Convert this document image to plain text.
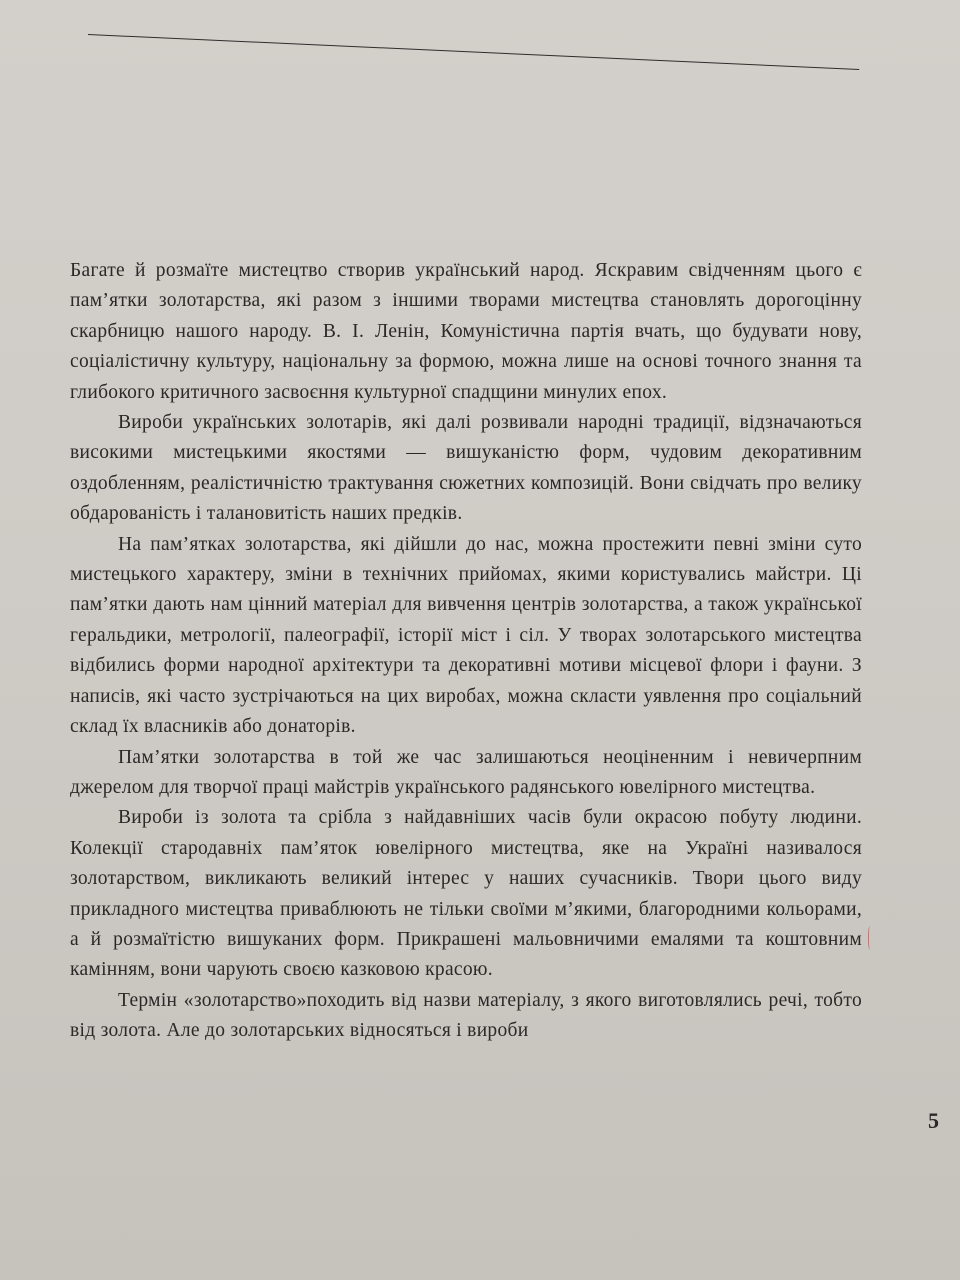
Багате й розмаїте мистецтво створив український народ. Яскравим свідченням цього є пам’ятки золотарства, які разом з іншими творами мистецтва становлять дорогоцінну скарбницю нашого народу. В. І. Ленін, Комуністична партія вчать, що будувати нову, соціалістичну культуру, національну за формою, можна лише на основі точного знання та глибокого критичного засвоєння культурної спадщини минулих епох.

Вироби українських золотарів, які далі розвивали народні традиції, відзначаються високими мистецькими якостями — вишуканістю форм, чудовим декоративним оздобленням, реалістичністю трактування сюжетних композицій. Вони свідчать про велику обдарованість і талановитість наших предків.

На пам’ятках золотарства, які дійшли до нас, можна простежити певні зміни суто мистецького характеру, зміни в технічних прийомах, якими користувались майстри. Ці пам’ятки дають нам цінний матеріал для вивчення центрів золотарства, а також української геральдики, метрології, палеографії, історії міст і сіл. У творах золотарського мистецтва відбились форми народної архітектури та декоративні мотиви місцевої флори і фауни. З написів, які часто зустрічаються на цих виробах, можна скласти уявлення про соціальний склад їх власників або донаторів.

Пам’ятки золотарства в той же час залишаються неоціненним і невичерпним джерелом для творчої праці майстрів українського радянського ювелірного мистецтва.

Вироби із золота та срібла з найдавніших часів були окрасою побуту людини. Колекції стародавніх пам’яток ювелірного мистецтва, яке на Україні називалося золотарством, викликають великий інтерес у наших сучасників. Твори цього виду прикладного мистецтва приваблюють не тільки своїми м’якими, благородними кольорами, а й розмаїтістю вишуканих форм. Прикрашені мальовничими емалями та коштовним камінням, вони чарують своєю казковою красою.

Термін «золотарство»походить від назви матеріалу, з якого виготовлялись речі, тобто від золота. Але до золотарських відносяться і вироби

5
